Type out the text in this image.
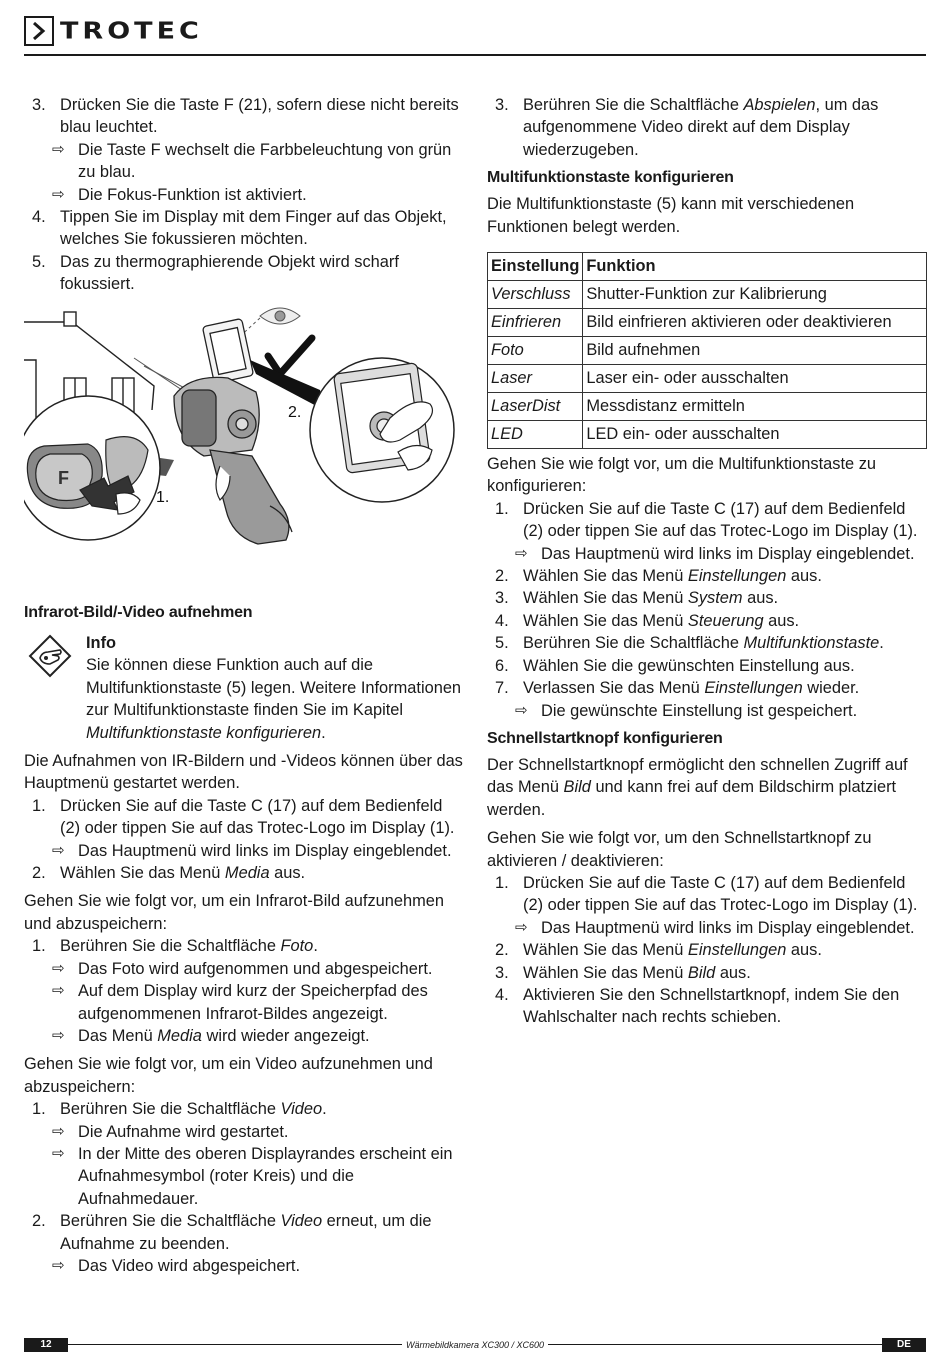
TROTEC
3. Drücken Sie die Taste F (21), sofern diese nicht bereits blau leuchtet.
⇨ Die Taste F wechselt die Farbbeleuchtung von grün zu blau.
⇨ Die Fokus-Funktion ist aktiviert.
4. Tippen Sie im Display mit dem Finger auf das Objekt, welches Sie fokussieren möchten.
5. Das zu thermographierende Objekt wird scharf fokussiert.
2.
F
1.
Infrarot-Bild/-Video aufnehmen
Info
Sie können diese Funktion auch auf die Multifunktionstaste (5) legen. Weitere Informationen zur Multifunktionstaste finden Sie im Kapitel Multifunktionstaste konfigurieren.

Die Aufnahmen von IR-Bildern und -Videos können über das Hauptmenü gestartet werden.

1. Drücken Sie auf die Taste C (17) auf dem Bedienfeld (2) oder tippen Sie auf das Trotec-Logo im Display (1).
⇨ Das Hauptmenü wird links im Display eingeblendet.
2. Wählen Sie das Menü Media aus.

Gehen Sie wie folgt vor, um ein Infrarot-Bild aufzunehmen und abzuspeichern:

1. Berühren Sie die Schaltfläche Foto.
⇨ Das Foto wird aufgenommen und abgespeichert.
⇨ Auf dem Display wird kurz der Speicherpfad des aufgenommenen Infrarot-Bildes angezeigt.
⇨ Das Menü Media wird wieder angezeigt.

Gehen Sie wie folgt vor, um ein Video aufzunehmen und abzuspeichern:

1. Berühren Sie die Schaltfläche Video.
⇨ Die Aufnahme wird gestartet.
⇨ In der Mitte des oberen Displayrandes erscheint ein Aufnahmesymbol (roter Kreis) und die Aufnahmedauer.
2. Berühren Sie die Schaltfläche Video erneut, um die Aufnahme zu beenden.
⇨ Das Video wird abgespeichert.
3. Berühren Sie die Schaltfläche Abspielen, um das aufgenommene Video direkt auf dem Display wiederzugeben.
Multifunktionstaste konfigurieren

Die Multifunktionstaste (5) kann mit verschiedenen Funktionen belegt werden.

Einstellung	Funktion
Verschluss	Shutter-Funktion zur Kalibrierung
Einfrieren	Bild einfrieren aktivieren oder deaktivieren
Foto	Bild aufnehmen
Laser	Laser ein- oder ausschalten
LaserDist	Messdistanz ermitteln
LED	LED ein- oder ausschalten

Gehen Sie wie folgt vor, um die Multifunktionstaste zu konfigurieren:

1. Drücken Sie auf die Taste C (17) auf dem Bedienfeld (2) oder tippen Sie auf das Trotec-Logo im Display (1).
⇨ Das Hauptmenü wird links im Display eingeblendet.
2. Wählen Sie das Menü Einstellungen aus.
3. Wählen Sie das Menü System aus.
4. Wählen Sie das Menü Steuerung aus.
5. Berühren Sie die Schaltfläche Multifunktionstaste.
6. Wählen Sie die gewünschten Einstellung aus.
7. Verlassen Sie das Menü Einstellungen wieder.
⇨ Die gewünschte Einstellung ist gespeichert.
Schnellstartknopf konfigurieren

Der Schnellstartknopf ermöglicht den schnellen Zugriff auf das Menü Bild und kann frei auf dem Bildschirm platziert werden.

Gehen Sie wie folgt vor, um den Schnellstartknopf zu aktivieren / deaktivieren:

1. Drücken Sie auf die Taste C (17) auf dem Bedienfeld (2) oder tippen Sie auf das Trotec-Logo im Display (1).
⇨ Das Hauptmenü wird links im Display eingeblendet.
2. Wählen Sie das Menü Einstellungen aus.
3. Wählen Sie das Menü Bild aus.
4. Aktivieren Sie den Schnellstartknopf, indem Sie den Wahlschalter nach rechts schieben.
Wärmebildkamera XC300 / XC600
12	DE
